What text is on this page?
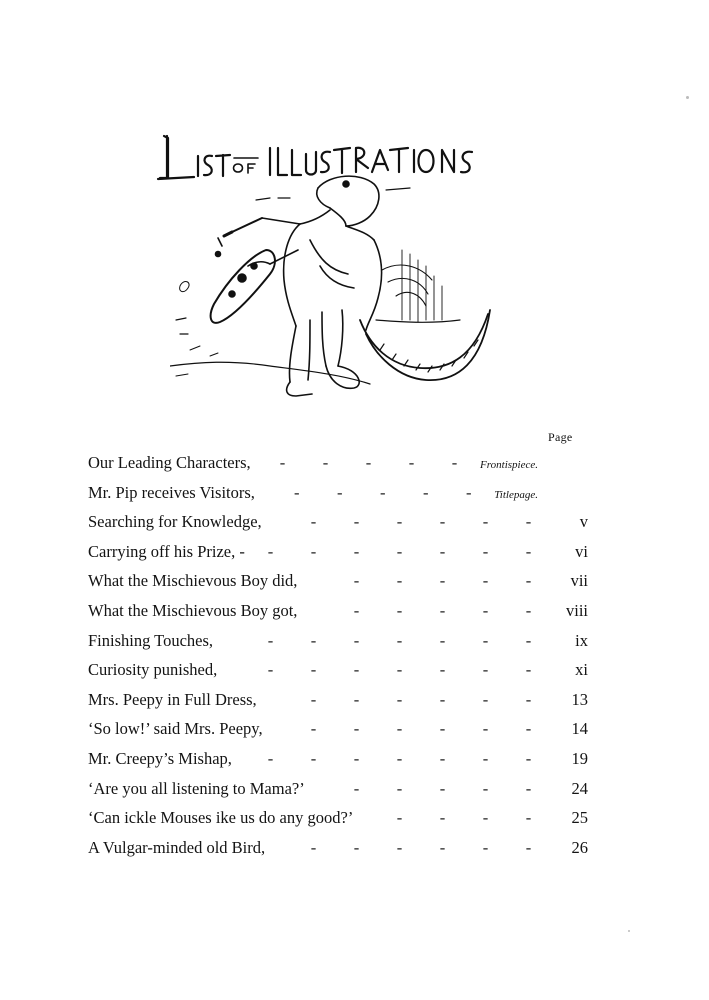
Page
Our Leading Characters,	- - - - -	Frontispiece.
Mr. Pip receives Visitors,	- - - - -	Titlepage.
Searching for Knowledge,	- - - - - -	v
Carrying off his Prize, -	- - - - - - -	vi
What the Mischievous Boy did,	- - - - -	vii
What the Mischievous Boy got,	- - - - -	viii
Finishing Touches,	- - - - - - -	ix
Curiosity punished,	- - - - - - -	xi
Mrs. Peepy in Full Dress,	- - - - - -	13
‘So low!’ said Mrs. Peepy,	- - - - - -	14
Mr. Creepy’s Mishap,	- - - - - - -	19
‘Are you all listening to Mama?’	- - - - -	24
‘Can ickle Mouses ike us do any good?’	- - - -	25
A Vulgar-minded old Bird,	- - - - - -	26
